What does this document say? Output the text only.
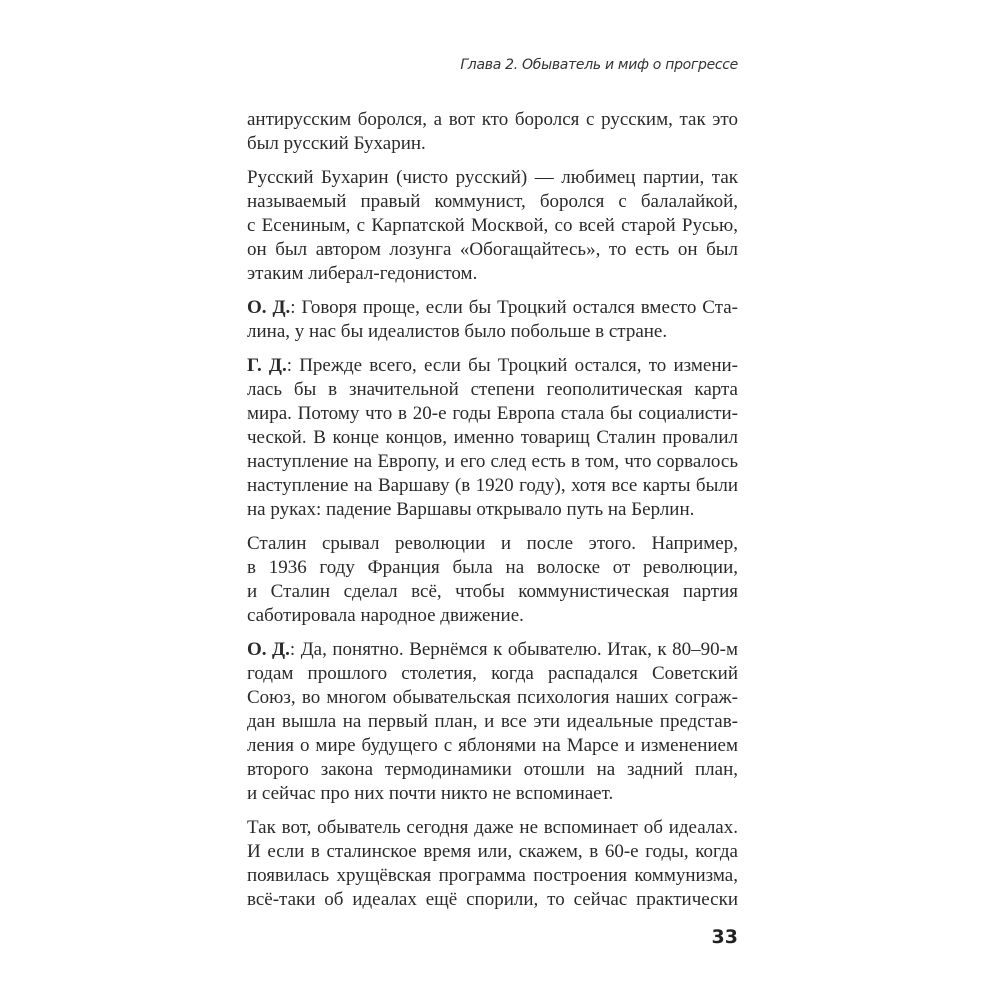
Глава 2. Обыватель и миф о прогрессе
антирусским боролся, а вот кто боролся с русским, так это
был русский Бухарин.
Русский Бухарин (чисто русский) — любимец партии, так
называемый правый коммунист, боролся с балалайкой,
с Есениным, с Карпатской Москвой, со всей старой Русью,
он был автором лозунга «Обогащайтесь», то есть он был
этаким либерал-гедонистом.
О. Д.: Говоря проще, если бы Троцкий остался вместо Ста-
лина, у нас бы идеалистов было побольше в стране.
Г. Д.: Прежде всего, если бы Троцкий остался, то измени-
лась бы в значительной степени геополитическая карта
мира. Потому что в 20-е годы Европа стала бы социалисти-
ческой. В конце концов, именно товарищ Сталин провалил
наступление на Европу, и его след есть в том, что сорвалось
наступление на Варшаву (в 1920 году), хотя все карты были
на руках: падение Варшавы открывало путь на Берлин.
Сталин срывал революции и после этого. Например,
в 1936 году Франция была на волоске от революции,
и Сталин сделал всё, чтобы коммунистическая партия
саботировала народное движение.
О. Д.: Да, понятно. Вернёмся к обывателю. Итак, к 80–90-м
годам прошлого столетия, когда распадался Советский
Союз, во многом обывательская психология наших сограж-
дан вышла на первый план, и все эти идеальные представ-
ления о мире будущего с яблонями на Марсе и изменением
второго закона термодинамики отошли на задний план,
и сейчас про них почти никто не вспоминает.
Так вот, обыватель сегодня даже не вспоминает об идеалах.
И если в сталинское время или, скажем, в 60-е годы, когда
появилась хрущёвская программа построения коммунизма,
всё-таки об идеалах ещё спорили, то сейчас практически
33
